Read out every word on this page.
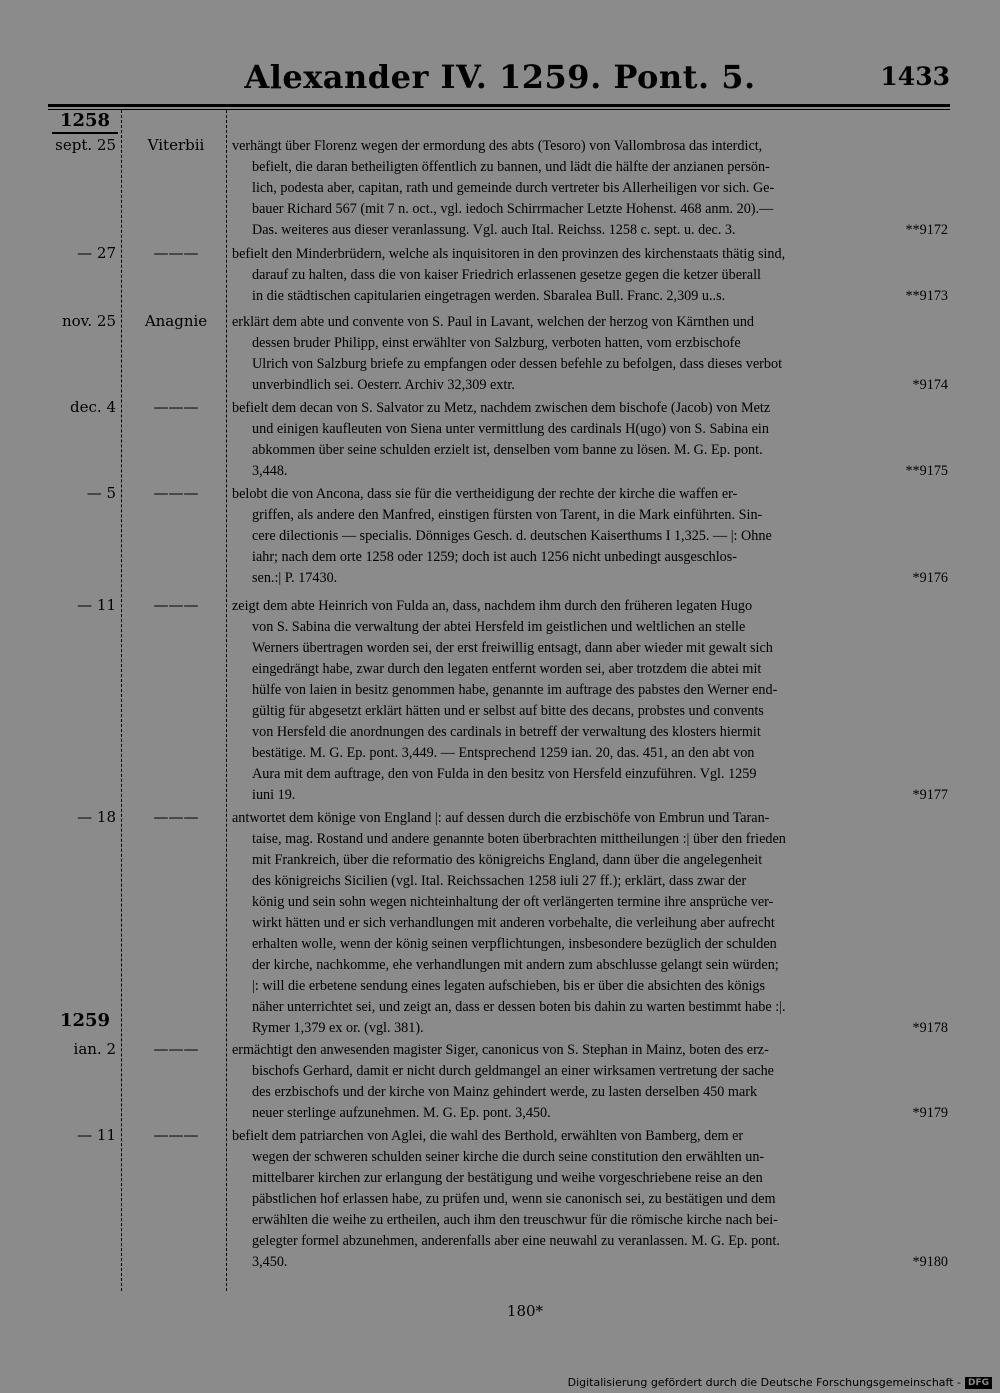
Alexander IV. 1259. Pont. 5.	1433
1258
1259
sept. 25	Viterbii	verhängt über Florenz wegen der ermordung des abts (Tesoro) von Vallombrosa das interdict,
befielt, die daran betheiligten öffentlich zu bannen, und lädt die hälfte der anzianen persön-
lich, podesta aber, capitan, rath und gemeinde durch vertreter bis Allerheiligen vor sich. Ge-
bauer Richard 567 (mit 7 n. oct., vgl. iedoch Schirrmacher Letzte Hohenst. 468 anm. 20).—
Das. weiteres aus dieser veranlassung. Vgl. auch Ital. Reichss. 1258 c. sept. u. dec. 3.	**9172
— 27	———	befielt den Minderbrüdern, welche als inquisitoren in den provinzen des kirchenstaats thätig sind,
darauf zu halten, dass die von kaiser Friedrich erlassenen gesetze gegen die ketzer überall
in die städtischen capitularien eingetragen werden. Sbaralea Bull. Franc. 2,309 u..s.	**9173
nov. 25	Anagnie	erklärt dem abte und convente von S. Paul in Lavant, welchen der herzog von Kärnthen und
dessen bruder Philipp, einst erwählter von Salzburg, verboten hatten, vom erzbischofe
Ulrich von Salzburg briefe zu empfangen oder dessen befehle zu befolgen, dass dieses verbot
unverbindlich sei. Oesterr. Archiv 32,309 extr.	*9174
dec. 4	———	befielt dem decan von S. Salvator zu Metz, nachdem zwischen dem bischofe (Jacob) von Metz
und einigen kaufleuten von Siena unter vermittlung des cardinals H(ugo) von S. Sabina ein
abkommen über seine schulden erzielt ist, denselben vom banne zu lösen. M. G. Ep. pont.
3,448.	**9175
— 5	———	belobt die von Ancona, dass sie für die vertheidigung der rechte der kirche die waffen er-
griffen, als andere den Manfred, einstigen fürsten von Tarent, in die Mark einführten. Sin-
cere dilectionis — specialis. Dönniges Gesch. d. deutschen Kaiserthums I 1,325. — |: Ohne
iahr; nach dem orte 1258 oder 1259; doch ist auch 1256 nicht unbedingt ausgeschlos-
sen.:| P. 17430.	*9176
— 11	———	zeigt dem abte Heinrich von Fulda an, dass, nachdem ihm durch den früheren legaten Hugo
von S. Sabina die verwaltung der abtei Hersfeld im geistlichen und weltlichen an stelle
Werners übertragen worden sei, der erst freiwillig entsagt, dann aber wieder mit gewalt sich
eingedrängt habe, zwar durch den legaten entfernt worden sei, aber trotzdem die abtei mit
hülfe von laien in besitz genommen habe, genannte im auftrage des pabstes den Werner end-
gültig für abgesetzt erklärt hätten und er selbst auf bitte des decans, probstes und convents
von Hersfeld die anordnungen des cardinals in betreff der verwaltung des klosters hiermit
bestätige. M. G. Ep. pont. 3,449. — Entsprechend 1259 ian. 20, das. 451, an den abt von
Aura mit dem auftrage, den von Fulda in den besitz von Hersfeld einzuführen. Vgl. 1259
iuni 19.	*9177
— 18	———	antwortet dem könige von England |: auf dessen durch die erzbischöfe von Embrun und Taran-
taise, mag. Rostand und andere genannte boten überbrachten mittheilungen :| über den frieden
mit Frankreich, über die reformatio des königreichs England, dann über die angelegenheit
des königreichs Sicilien (vgl. Ital. Reichssachen 1258 iuli 27 ff.); erklärt, dass zwar der
könig und sein sohn wegen nichteinhaltung der oft verlängerten termine ihre ansprüche ver-
wirkt hätten und er sich verhandlungen mit anderen vorbehalte, die verleihung aber aufrecht
erhalten wolle, wenn der könig seinen verpflichtungen, insbesondere bezüglich der schulden
der kirche, nachkomme, ehe verhandlungen mit andern zum abschlusse gelangt sein würden;
|: will die erbetene sendung eines legaten aufschieben, bis er über die absichten des königs
näher unterrichtet sei, und zeigt an, dass er dessen boten bis dahin zu warten bestimmt habe :|.
Rymer 1,379 ex or. (vgl. 381).	*9178
ian. 2	———	ermächtigt den anwesenden magister Siger, canonicus von S. Stephan in Mainz, boten des erz-
bischofs Gerhard, damit er nicht durch geldmangel an einer wirksamen vertretung der sache
des erzbischofs und der kirche von Mainz gehindert werde, zu lasten derselben 450 mark
neuer sterlinge aufzunehmen. M. G. Ep. pont. 3,450.	*9179
— 11	———	befielt dem patriarchen von Aglei, die wahl des Berthold, erwählten von Bamberg, dem er
wegen der schweren schulden seiner kirche die durch seine constitution den erwählten un-
mittelbarer kirchen zur erlangung der bestätigung und weihe vorgeschriebene reise an den
päbstlichen hof erlassen habe, zu prüfen und, wenn sie canonisch sei, zu bestätigen und dem
erwählten die weihe zu ertheilen, auch ihm den treuschwur für die römische kirche nach bei-
gelegter formel abzunehmen, anderenfalls aber eine neuwahl zu veranlassen. M. G. Ep. pont.
3,450.	*9180
180*
Digitalisierung gefördert durch die Deutsche Forschungsgemeinschaft - DFG
